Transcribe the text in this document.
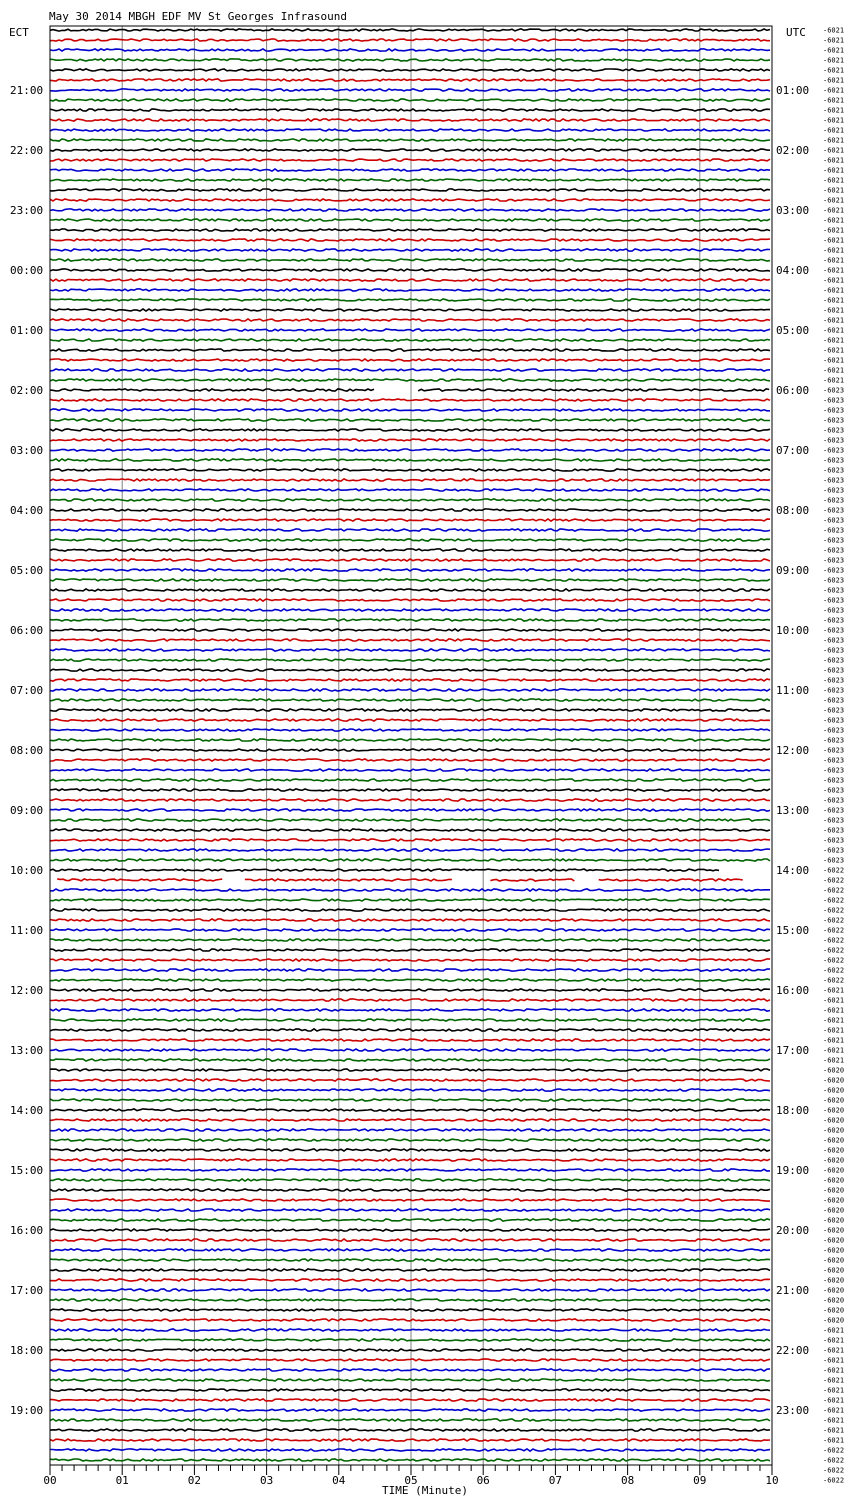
May 30 2014 MBGH EDF MV St Georges Infrasound
ECT	UTC
21:00
22:00
23:00
00:00
01:00
02:00
03:00
04:00
05:00
06:00
07:00
08:00
09:00
10:00
11:00
12:00
13:00
14:00
15:00
16:00
17:00
18:00
19:00
01:00
02:00
03:00
04:00
05:00
06:00
07:00
08:00
09:00
10:00
11:00
12:00
13:00
14:00
15:00
16:00
17:00
18:00
19:00
20:00
21:00
22:00
23:00
-6021
-6021
-6021
-6021
-6021
-6021
-6021
-6021
-6021
-6021
-6021
-6021
-6021
-6021
-6021
-6021
-6021
-6021
-6021
-6021
-6021
-6021
-6021
-6021
-6021
-6021
-6021
-6021
-6021
-6021
-6021
-6021
-6021
-6021
-6021
-6021
-6023
-6023
-6023
-6023
-6023
-6023
-6023
-6023
-6023
-6023
-6023
-6023
-6023
-6023
-6023
-6023
-6023
-6023
-6023
-6023
-6023
-6023
-6023
-6023
-6023
-6023
-6023
-6023
-6023
-6023
-6023
-6023
-6023
-6023
-6023
-6023
-6023
-6023
-6023
-6023
-6023
-6023
-6023
-6023
-6023
-6023
-6023
-6023
-6022
-6022
-6022
-6022
-6022
-6022
-6022
-6022
-6022
-6022
-6022
-6022
-6021
-6021
-6021
-6021
-6021
-6021
-6021
-6021
-6020
-6020
-6020
-6020
-6020
-6020
-6020
-6020
-6020
-6020
-6020
-6020
-6020
-6020
-6020
-6020
-6020
-6020
-6020
-6020
-6020
-6020
-6020
-6020
-6020
-6020
-6021
-6021
-6021
-6021
-6021
-6021
-6021
-6021
-6021
-6021
-6021
-6021
-6022
-6022
-6022
-6022
00	01	02	03	04	05	06	07	08	09	10
TIME (Minute)
